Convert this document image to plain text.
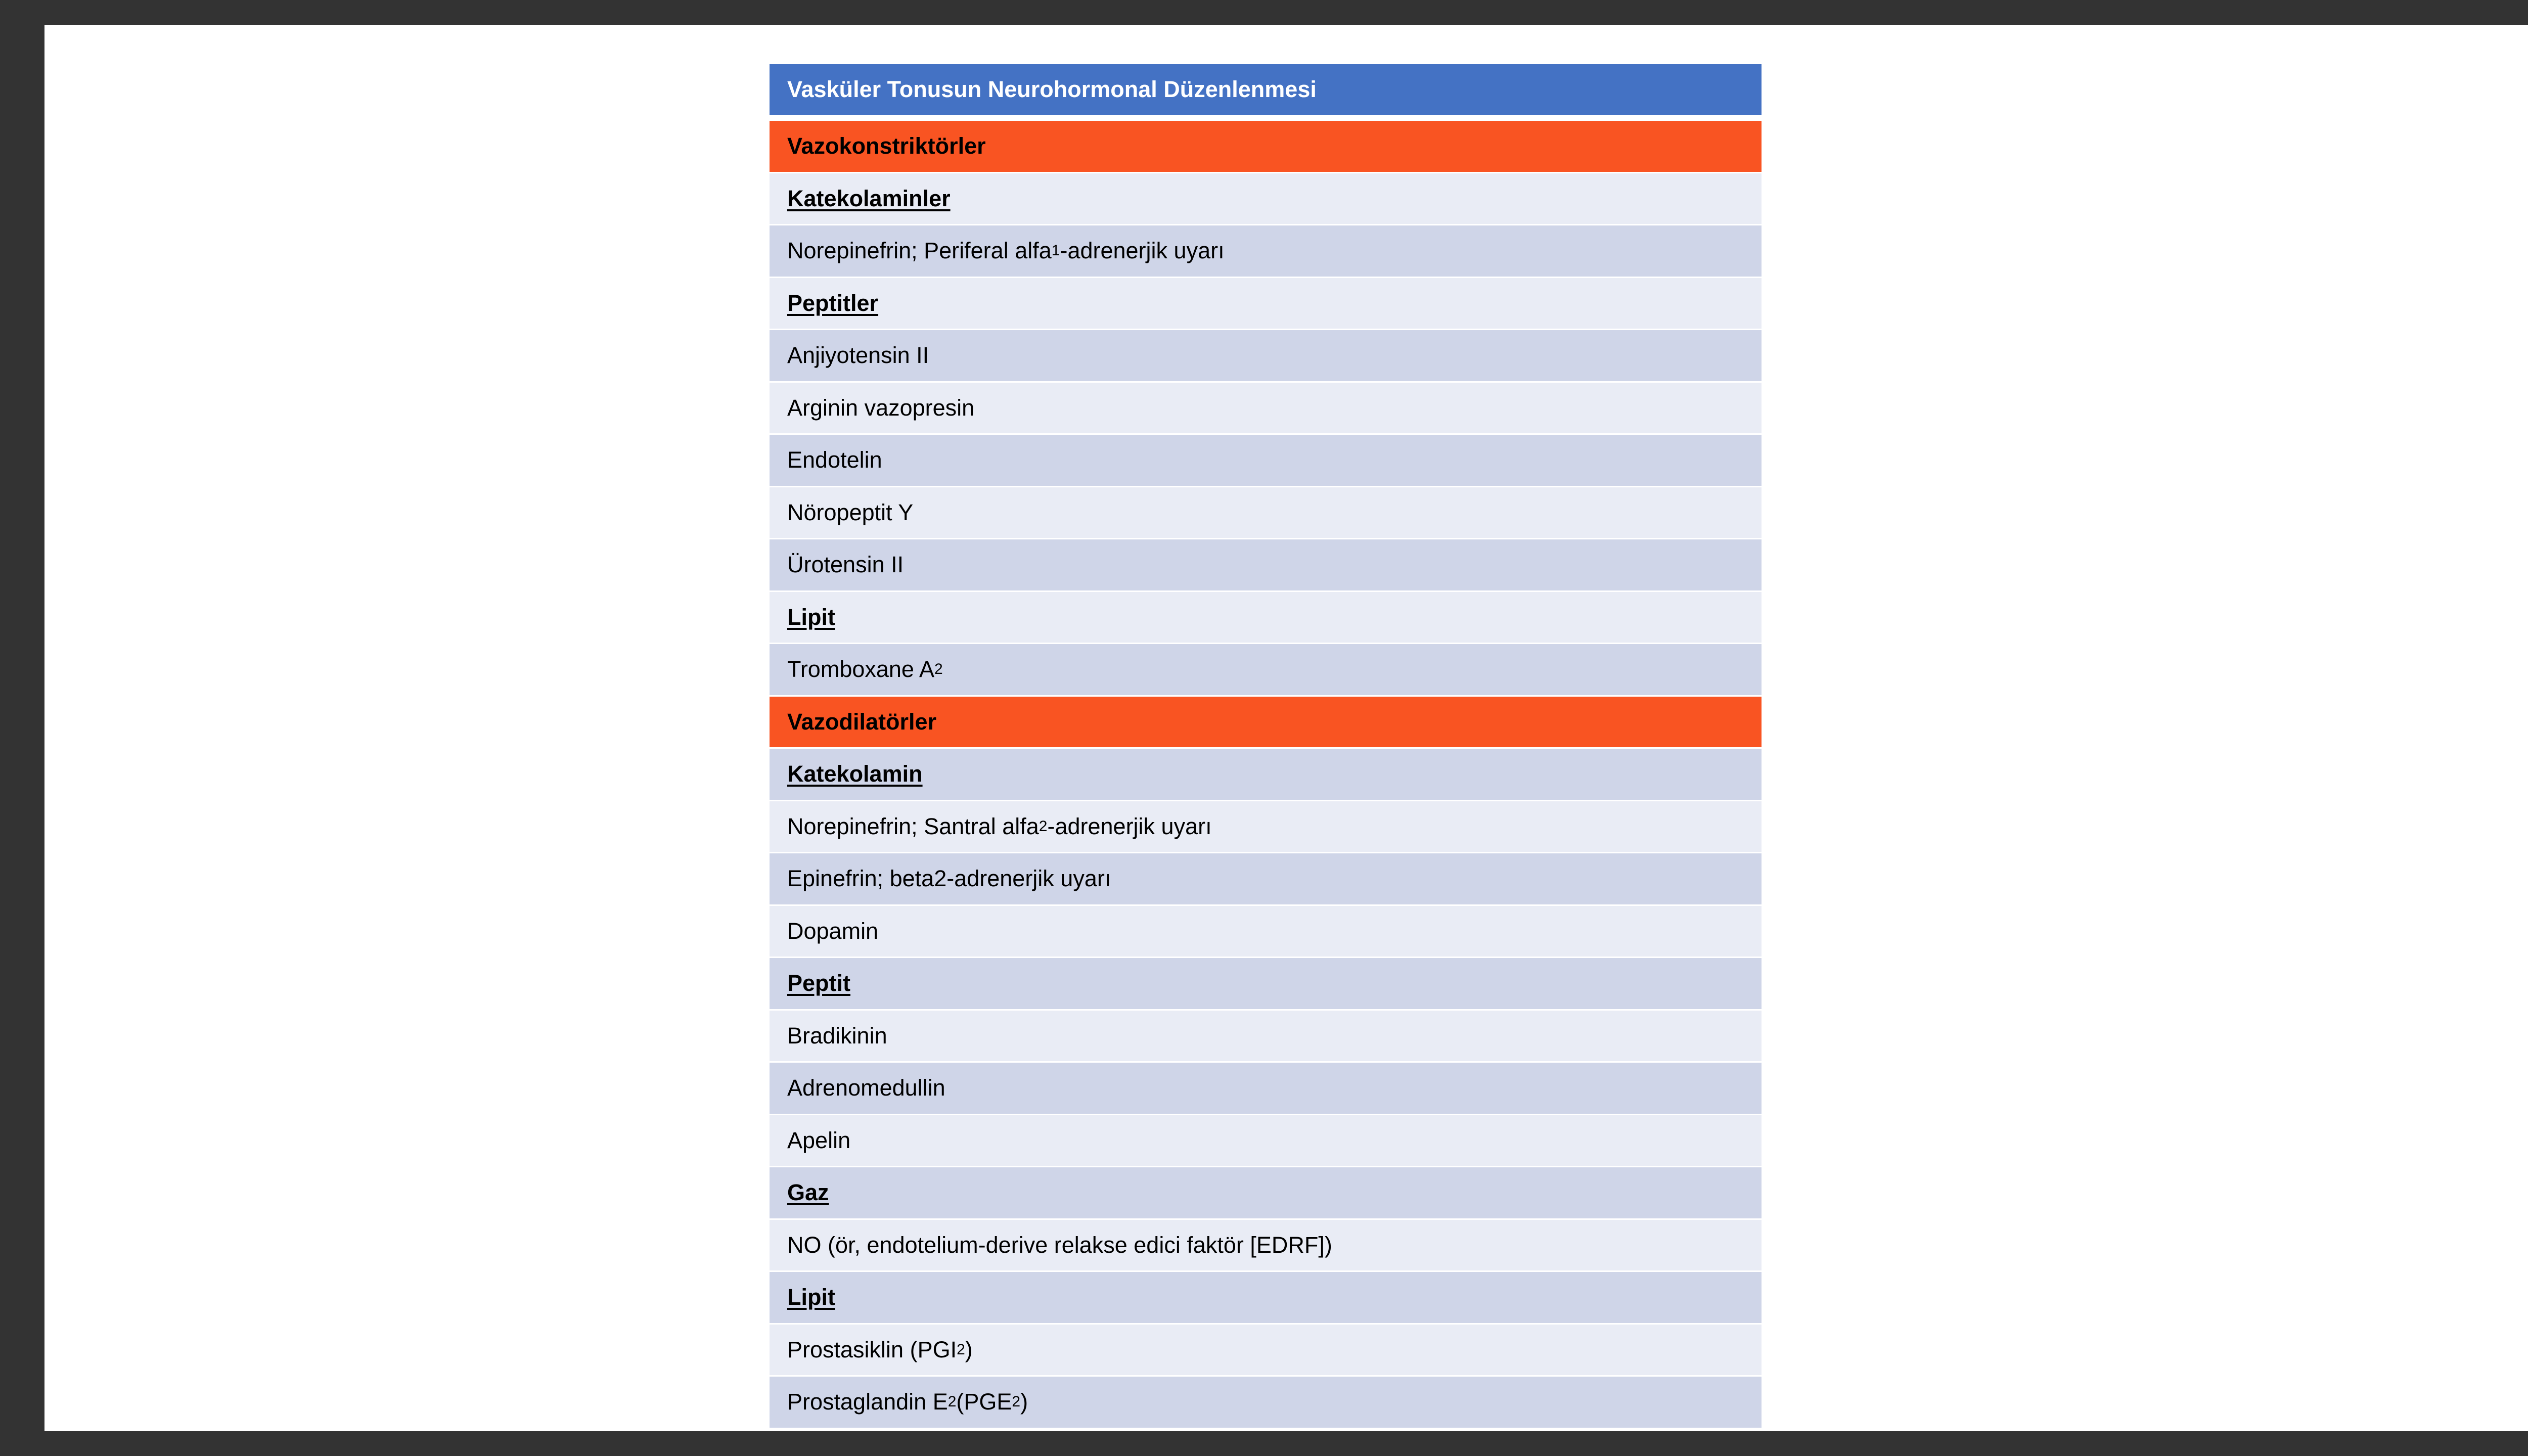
Vasküler Tonusun Neurohormonal Düzenlenmesi
Vazokonstriktörler
Katekolaminler
Norepinefrin; Periferal alfa 1 -adrenerjik uyarı
Peptitler
Anjiyotensin II
Arginin vazopresin
Endotelin
Nöropeptit Y
Ürotensin II
Lipit
Tromboxane A 2
Vazodilatörler
Katekolamin
Norepinefrin; Santral alfa 2 -adrenerjik uyarı
Epinefrin; beta2-adrenerjik uyarı
Dopamin
Peptit
Bradikinin
Adrenomedullin
Apelin
Gaz
NO (ör, endotelium-derive relakse edici faktör [EDRF])
Lipit
Prostasiklin (PGI 2 )
Prostaglandin E 2 (PGE 2 )
